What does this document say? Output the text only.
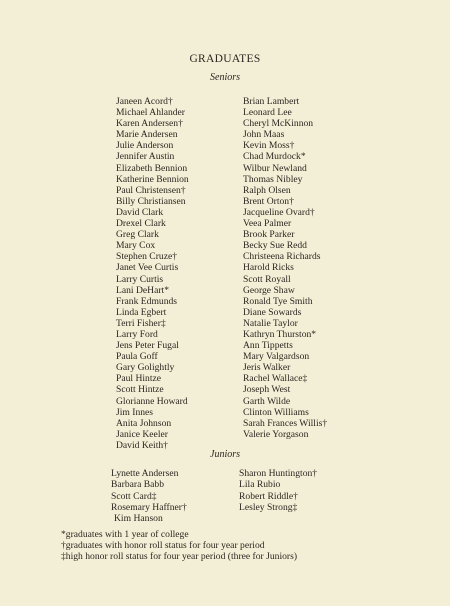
GRADUATES
Seniors
Janeen Acord†
Michael Ahlander
Karen Andersen†
Marie Andersen
Julie Anderson
Jennifer Austin
Elizabeth Bennion
Katherine Bennion
Paul Christensen†
Billy Christiansen
David Clark
Drexel Clark
Greg Clark
Mary Cox
Stephen Cruze†
Janet Vee Curtis
Larry Curtis
Lani DeHart*
Frank Edmunds
Linda Egbert
Terri Fisher‡
Larry Ford
Jens Peter Fugal
Paula Goff
Gary Golightly
Paul Hintze
Scott Hintze
Glorianne Howard
Jim Innes
Anita Johnson
Janice Keeler
David Keith†
Brian Lambert
Leonard Lee
Cheryl McKinnon
John Maas
Kevin Moss†
Chad Murdock*
Wilbur Newland
Thomas Nibley
Ralph Olsen
Brent Orton†
Jacqueline Ovard†
Veea Palmer
Brook Parker
Becky Sue Redd
Christeena Richards
Harold Ricks
Scott Royall
George Shaw
Ronald Tye Smith
Diane Sowards
Natalie Taylor
Kathryn Thurston*
Ann Tippetts
Mary Valgardson
Jeris Walker
Rachel Wallace‡
Joseph West
Garth Wilde
Clinton Williams
Sarah Frances Willis†
Valerie Yorgason
Juniors
Lynette Andersen
Barbara Babb
Scott Card‡
Rosemary Haffner†
Kim Hanson
Sharon Huntington†
Lila Rubio
Robert Riddle†
Lesley Strong‡
*graduates with 1 year of college
†graduates with honor roll status for four year period
‡high honor roll status for four year period (three for Juniors)
